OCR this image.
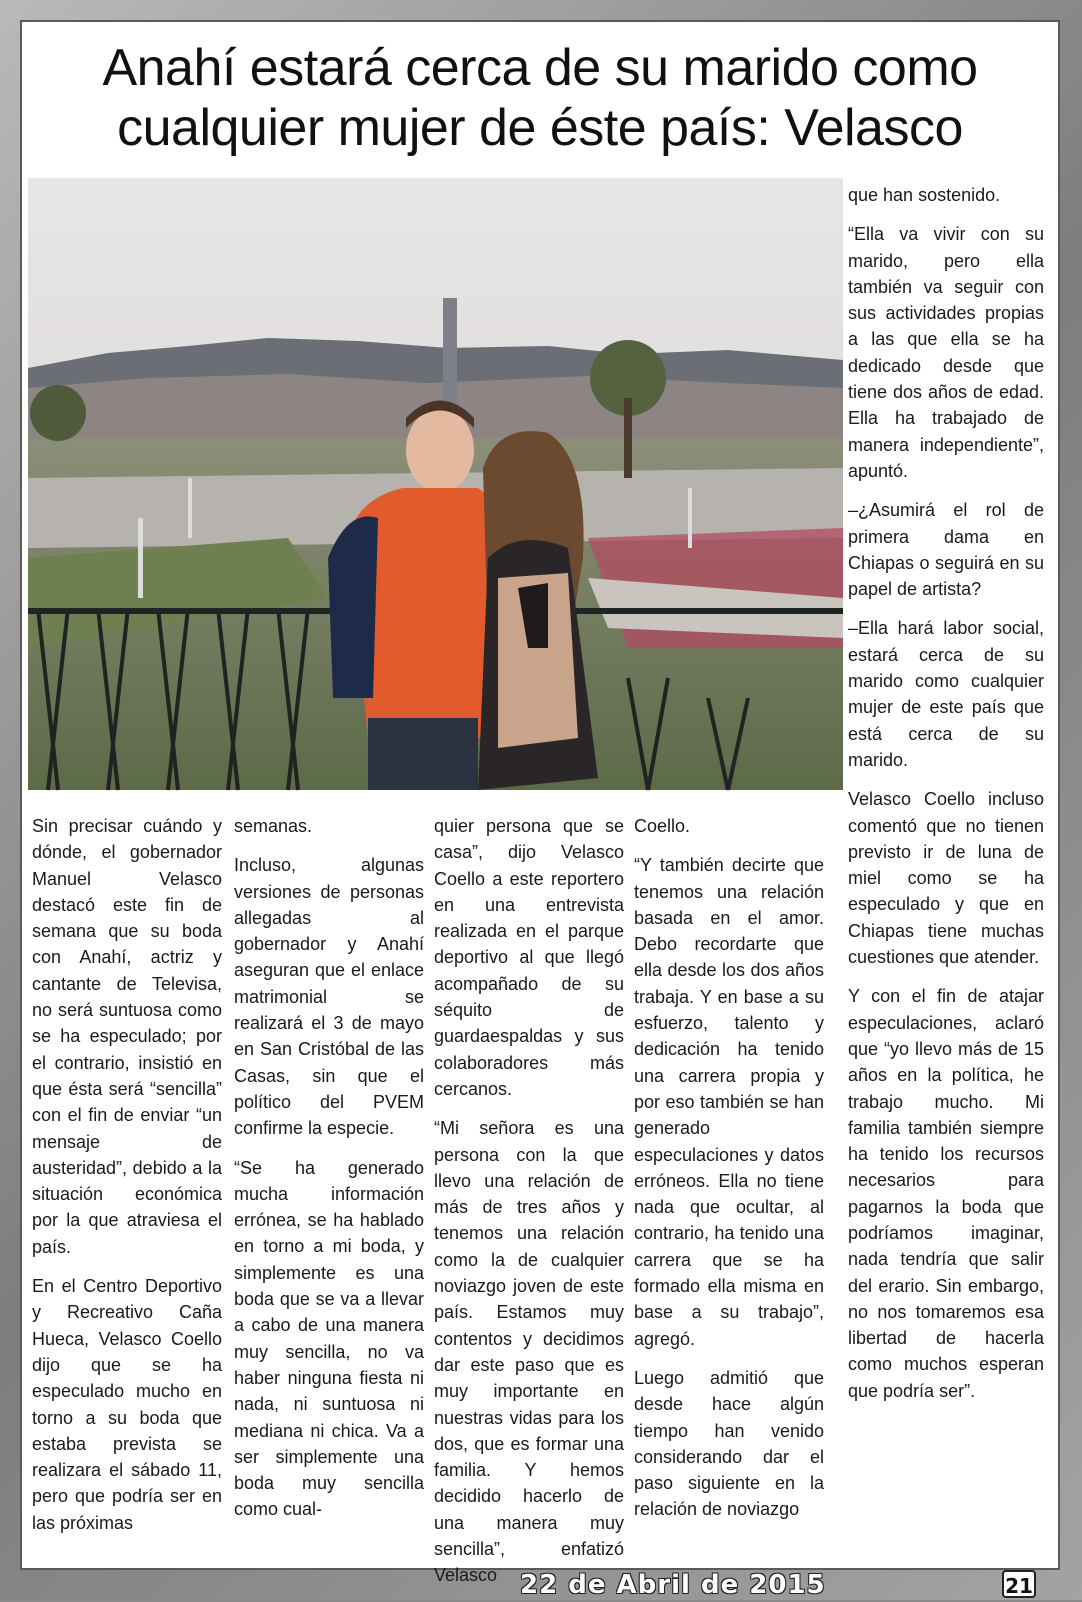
Anahí estará cerca de su marido como
cualquier mujer de éste país: Velasco

Sin precisar cuándo y dónde, el gobernador Manuel Velasco destacó este fin de semana que su boda con Anahí, actriz y cantante de Televisa, no será suntuosa como se ha especulado; por el contrario, insistió en que ésta será “sencilla” con el fin de enviar “un mensaje de austeridad”, debido a la situación económica por la que atraviesa el país.

En el Centro Deportivo y Recreativo Caña Hueca, Velasco Coello dijo que se ha especulado mucho en torno a su boda que estaba prevista se realizara el sábado 11, pero que podría ser en las próximas

semanas.

Incluso, algunas versiones de personas allegadas al gobernador y Anahí aseguran que el enlace matrimonial se realizará el 3 de mayo en San Cristóbal de las Casas, sin que el político del PVEM confirme la especie.

“Se ha generado mucha información errónea, se ha hablado en torno a mi boda, y simplemente es una boda que se va a llevar a cabo de una manera muy sencilla, no va haber ninguna fiesta ni nada, ni suntuosa ni mediana ni chica. Va a ser simplemente una boda muy sencilla como cual-

quier persona que se casa”, dijo Velasco Coello a este reportero en una entrevista realizada en el parque deportivo al que llegó acompañado de su séquito de guardaespaldas y sus colaboradores más cercanos.

“Mi señora es una persona con la que llevo una relación de más de tres años y tenemos una relación como la de cualquier noviazgo joven de este país. Estamos muy contentos y decidimos dar este paso que es muy importante en nuestras vidas para los dos, que es formar una familia. Y hemos decidido hacerlo de una manera muy sencilla”, enfatizó Velasco

Coello.

“Y también decirte que tenemos una relación basada en el amor. Debo recordarte que ella desde los dos años trabaja. Y en base a su esfuerzo, talento y dedicación ha tenido una carrera propia y por eso también se han generado especulaciones y datos erróneos. Ella no tiene nada que ocultar, al contrario, ha tenido una carrera que se ha formado ella misma en base a su trabajo”, agregó.

Luego admitió que desde hace algún tiempo han venido considerando dar el paso siguiente en la relación de noviazgo

que han sostenido.

“Ella va vivir con su marido, pero ella también va seguir con sus actividades propias a las que ella se ha dedicado desde que tiene dos años de edad. Ella ha trabajado de manera independiente”, apuntó.

–¿Asumirá el rol de primera dama en Chiapas o seguirá en su papel de artista?

–Ella hará labor social, estará cerca de su marido como cualquier mujer de este país que está cerca de su marido.

Velasco Coello incluso comentó que no tienen previsto ir de luna de miel como se ha especulado y que en Chiapas tiene muchas cuestiones que atender.

Y con el fin de atajar especulaciones, aclaró que “yo llevo más de 15 años en la política, he trabajo mucho. Mi familia también siempre ha tenido los recursos necesarios para pagarnos la boda que podríamos imaginar, nada tendría que salir del erario. Sin embargo, no nos tomaremos esa libertad de hacerla como muchos esperan que podría ser”.

22 de Abril de 2015	21
